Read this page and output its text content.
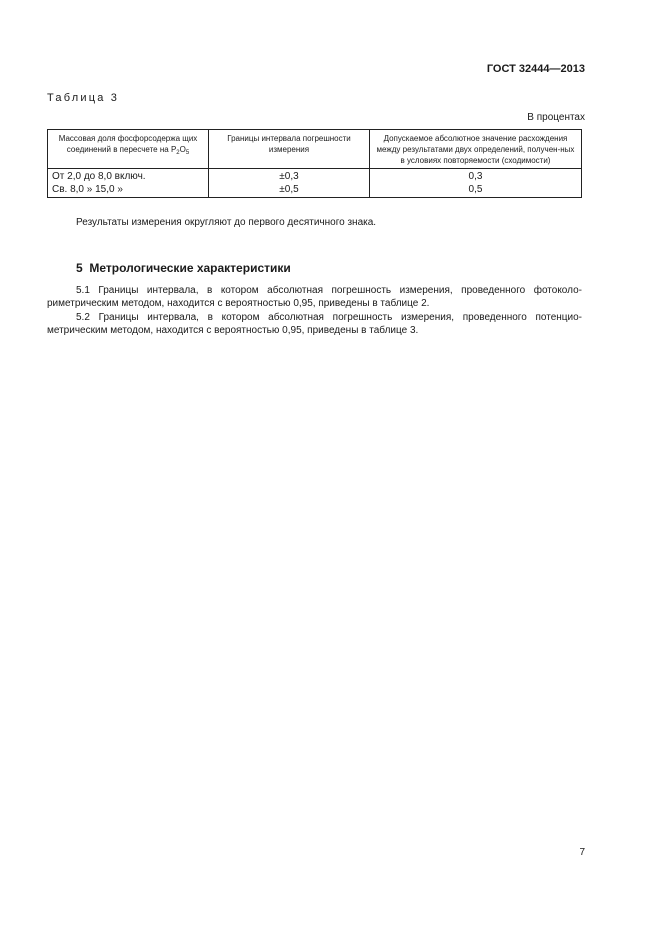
ГОСТ 32444—2013
Таблица 3
В процентах
Массовая доля фосфорсодержа щих соединений в пересчете на $P_2O_5$	Границы интервала погрешности измерения	Допускаемое абсолютное значение расхождения между результатами двух определений, получен-ных в условиях повторяемости (сходимости)
От 2,0 до 8,0 включ.	±0,3	0,3
Св. 8,0 » 15,0 »	±0,5	0,5
Результаты измерения округляют до первого десятичного знака.
5 Метрологические характеристики
5.1 Границы интервала, в котором абсолютная погрешность измерения, проведенного фотоколо-риметрическим методом, находится с вероятностью 0,95, приведены в таблице 2.
5.2 Границы интервала, в котором абсолютная погрешность измерения, проведенного потенцио-метрическим методом, находится с вероятностью 0,95, приведены в таблице 3.
7
